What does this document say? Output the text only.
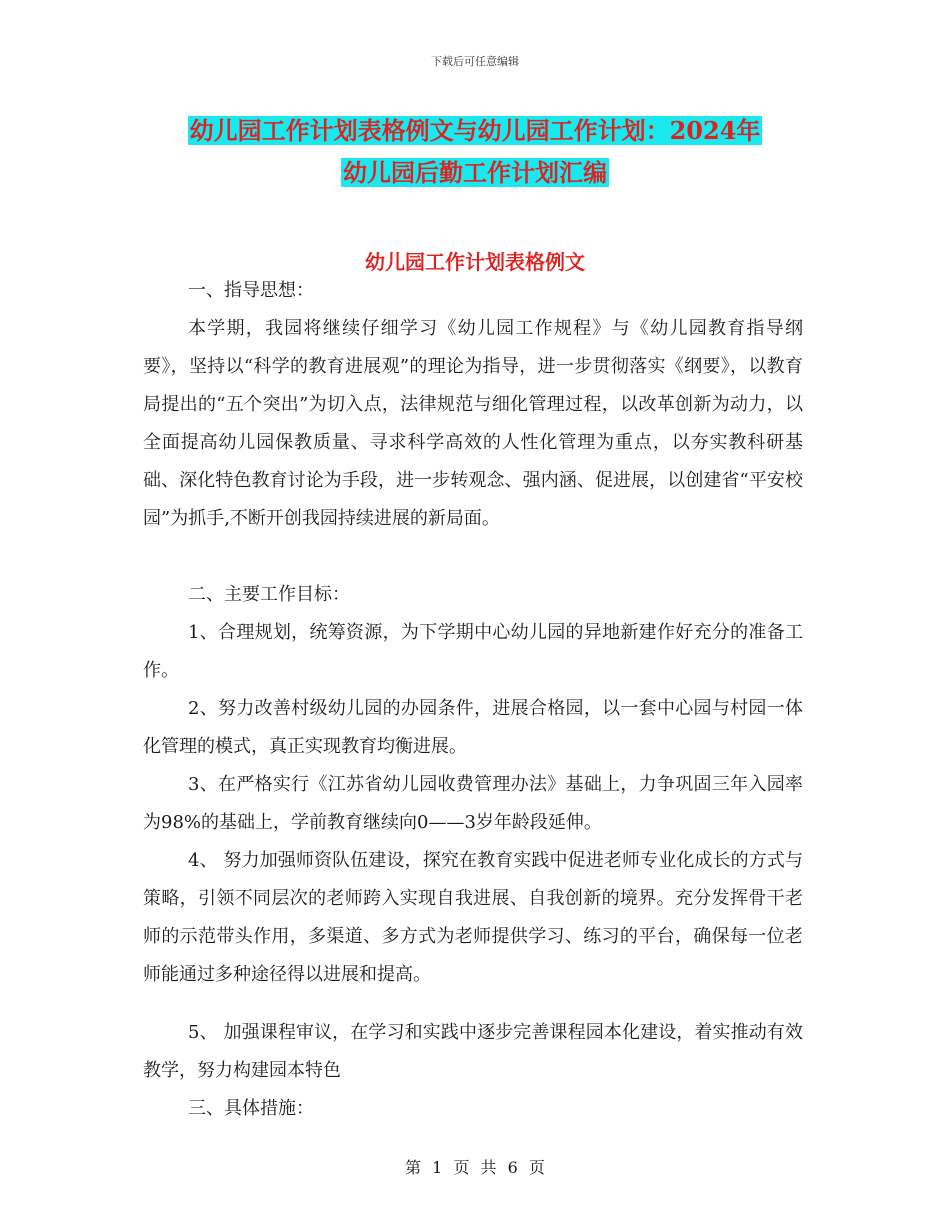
下载后可任意编辑
幼儿园工作计划表格例文与幼儿园工作计划：2024年
幼儿园后勤工作计划汇编
幼儿园工作计划表格例文
一、指导思想：
本学期，我园将继续仔细学习《幼儿园工作规程》与《幼儿园教育指导纲要》，坚持以“科学的教育进展观”的理论为指导，进一步贯彻落实《纲要》，以教育局提出的“五个突出”为切入点，法律规范与细化管理过程，以改革创新为动力，以全面提高幼儿园保教质量、寻求科学高效的人性化管理为重点，以夯实教科研基础、深化特色教育讨论为手段，进一步转观念、强内涵、促进展，以创建省“平安校园”为抓手,不断开创我园持续进展的新局面。
二、主要工作目标：
1、合理规划，统筹资源，为下学期中心幼儿园的异地新建作好充分的准备工作。
2、努力改善村级幼儿园的办园条件，进展合格园，以一套中心园与村园一体化管理的模式，真正实现教育均衡进展。
3、在严格实行《江苏省幼儿园收费管理办法》基础上，力争巩固三年入园率为98%的基础上，学前教育继续向0——3岁年龄段延伸。
4、 努力加强师资队伍建设，探究在教育实践中促进老师专业化成长的方式与策略，引领不同层次的老师跨入实现自我进展、自我创新的境界。充分发挥骨干老师的示范带头作用，多渠道、多方式为老师提供学习、练习的平台，确保每一位老师能通过多种途径得以进展和提高。
5、 加强课程审议，在学习和实践中逐步完善课程园本化建设，着实推动有效教学，努力构建园本特色
三、具体措施：
第 1 页 共 6 页
